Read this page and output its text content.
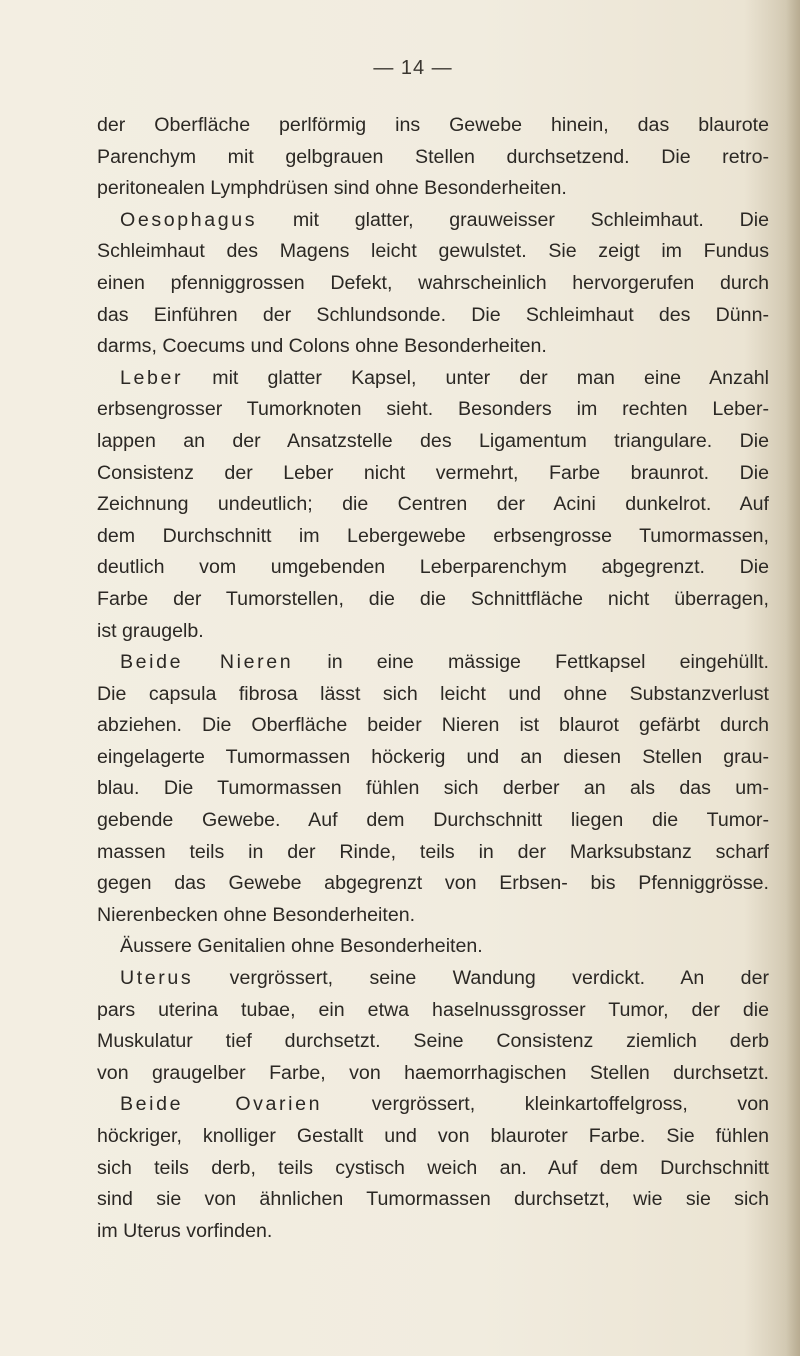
— 14 —
der Oberfläche perlförmig ins Gewebe hinein, das blaurote
Parenchym mit gelbgrauen Stellen durchsetzend. Die retro-
peritonealen Lymphdrüsen sind ohne Besonderheiten.
Oesophagus mit glatter, grauweisser Schleimhaut. Die
Schleimhaut des Magens leicht gewulstet. Sie zeigt im Fundus
einen pfenniggrossen Defekt, wahrscheinlich hervorgerufen durch
das Einführen der Schlundsonde. Die Schleimhaut des Dünn-
darms, Coecums und Colons ohne Besonderheiten.
Leber mit glatter Kapsel, unter der man eine Anzahl
erbsengrosser Tumorknoten sieht. Besonders im rechten Leber-
lappen an der Ansatzstelle des Ligamentum triangulare. Die
Consistenz der Leber nicht vermehrt, Farbe braunrot. Die
Zeichnung undeutlich; die Centren der Acini dunkelrot. Auf
dem Durchschnitt im Lebergewebe erbsengrosse Tumormassen,
deutlich vom umgebenden Leberparenchym abgegrenzt. Die
Farbe der Tumorstellen, die die Schnittfläche nicht überragen,
ist graugelb.
Beide Nieren in eine mässige Fettkapsel eingehüllt.
Die capsula fibrosa lässt sich leicht und ohne Substanzverlust
abziehen. Die Oberfläche beider Nieren ist blaurot gefärbt durch
eingelagerte Tumormassen höckerig und an diesen Stellen grau-
blau. Die Tumormassen fühlen sich derber an als das um-
gebende Gewebe. Auf dem Durchschnitt liegen die Tumor-
massen teils in der Rinde, teils in der Marksubstanz scharf
gegen das Gewebe abgegrenzt von Erbsen- bis Pfenniggrösse.
Nierenbecken ohne Besonderheiten.
Äussere Genitalien ohne Besonderheiten.
Uterus vergrössert, seine Wandung verdickt. An der
pars uterina tubae, ein etwa haselnussgrosser Tumor, der die
Muskulatur tief durchsetzt. Seine Consistenz ziemlich derb
von graugelber Farbe, von haemorrhagischen Stellen durchsetzt.
Beide Ovarien vergrössert, kleinkartoffelgross, von
höckriger, knolliger Gestallt und von blauroter Farbe. Sie fühlen
sich teils derb, teils cystisch weich an. Auf dem Durchschnitt
sind sie von ähnlichen Tumormassen durchsetzt, wie sie sich
im Uterus vorfinden.
